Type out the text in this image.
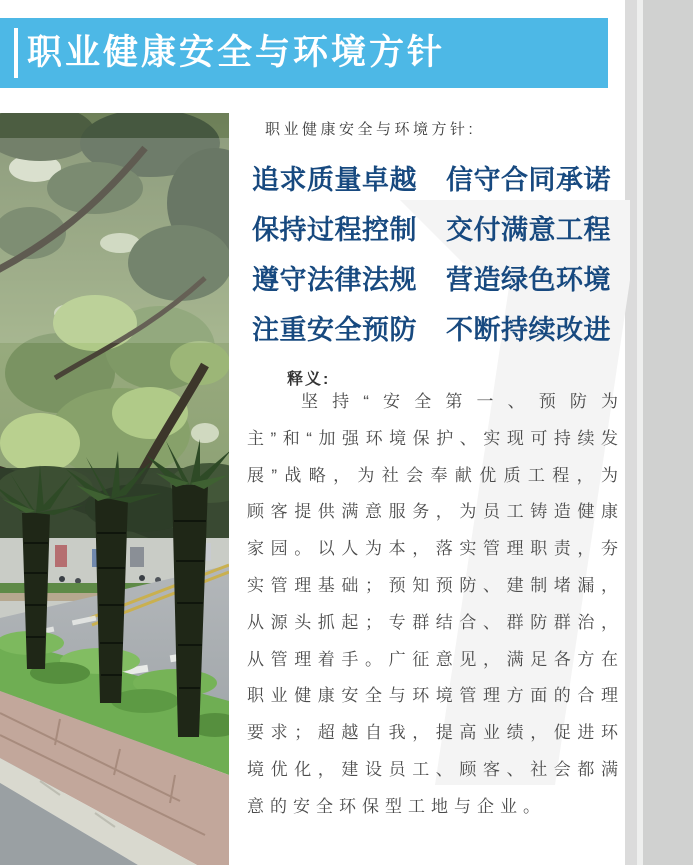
职业健康安全与环境方针
职业健康安全与环境方针:
追求质量卓越 信守合同承诺
保持过程控制 交付满意工程
遵守法律法规 营造绿色环境
注重安全预防 不断持续改进
释义:

坚持“安全第一、预防为主”和“加强环境保护、实现可持续发展”战略，为社会奉献优质工程，为顾客提供满意服务，为员工铸造健康家园。以人为本，落实管理职责，夯实管理基础；预知预防、建制堵漏，从源头抓起；专群结合、群防群治，从管理着手。广征意见，满足各方在职业健康安全与环境管理方面的合理要求；超越自我，提高业绩，促进环境优化，建设员工、顾客、社会都满意的安全环保型工地与企业。
